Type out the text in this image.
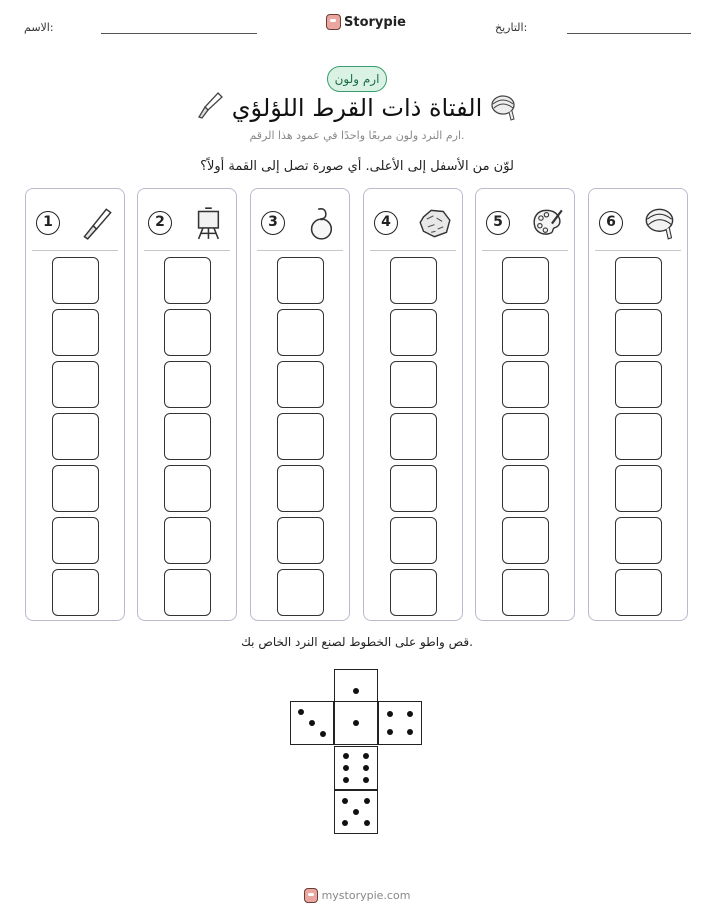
الاسم:	Storypie	التاريخ:
ارم ولون
الفتاة ذات القرط اللؤلؤي
ارم النرد ولون مربعًا واحدًا في عمود هذا الرقم.
لوّن من الأسفل إلى الأعلى. أي صورة تصل إلى القمة أولاً؟
6
5
4
3
2
1
قص واطو على الخطوط لصنع النرد الخاص بك.
mystorypie.com
